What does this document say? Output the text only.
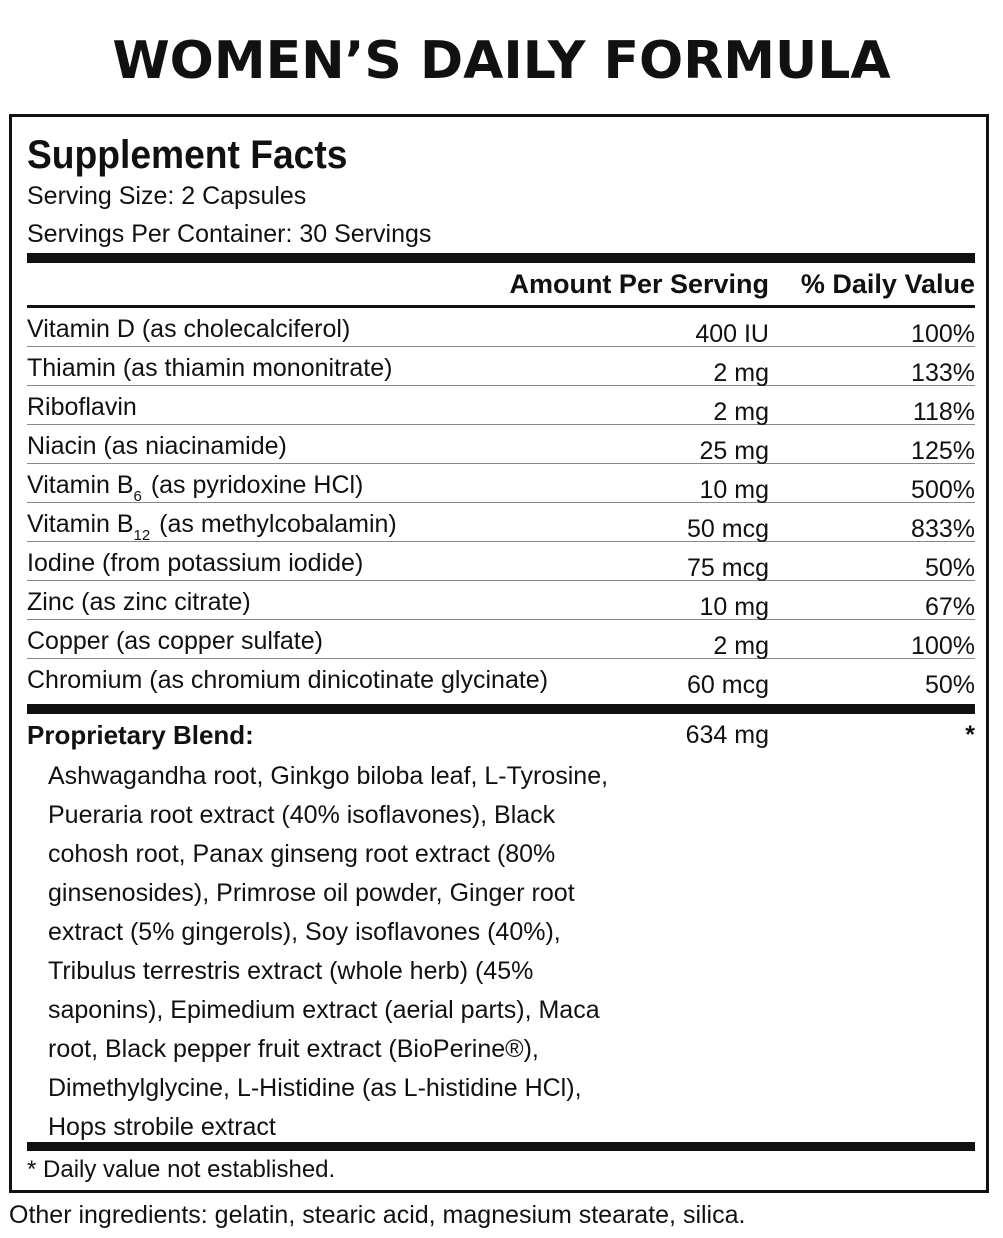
WOMEN’S DAILY FORMULA
Supplement Facts
Serving Size: 2 Capsules
Servings Per Container: 30 Servings
Amount Per Serving % Daily Value
Vitamin D (as cholecalciferol)	400 IU	100%
Thiamin (as thiamin mononitrate)	2 mg	133%
Riboflavin	2 mg	118%
Niacin (as niacinamide)	25 mg	125%
Vitamin $B_6$ (as pyridoxine HCl)	10 mg	500%
Vitamin $B_{12}$ (as methylcobalamin)	50 mcg	833%
Iodine (from potassium iodide)	75 mcg	50%
Zinc (as zinc citrate)	10 mg	67%
Copper (as copper sulfate)	2 mg	100%
Chromium (as chromium dinicotinate glycinate)	60 mcg	50%
Proprietary Blend:	634 mg	*
Ashwagandha root, Ginkgo biloba leaf, L-Tyrosine,
Pueraria root extract (40% isoflavones), Black
cohosh root, Panax ginseng root extract (80%
ginsenosides), Primrose oil powder, Ginger root
extract (5% gingerols), Soy isoflavones (40%),
Tribulus terrestris extract (whole herb) (45%
saponins), Epimedium extract (aerial parts), Maca
root, Black pepper fruit extract (BioPerine®),
Dimethylglycine, L-Histidine (as L-histidine HCl),
Hops strobile extract
* Daily value not established.
Other ingredients: gelatin, stearic acid, magnesium stearate, silica.
